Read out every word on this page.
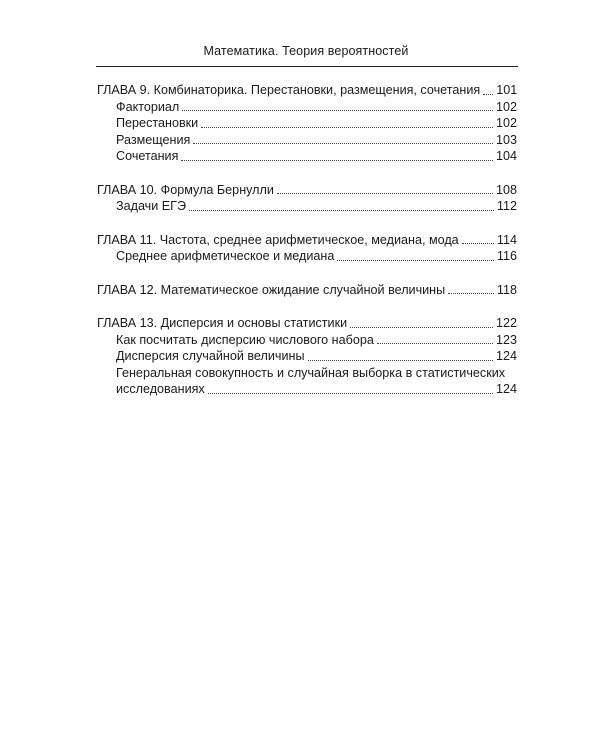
Математика. Теория вероятностей
ГЛАВА 9. Комбинаторика. Перестановки, размещения, сочетания 101
Факториал	102
Перестановки	102
Размещения	103
Сочетания	104
ГЛАВА 10. Формула Бернулли	108
Задачи ЕГЭ	112
ГЛАВА 11. Частота, среднее арифметическое, медиана, мода	114
Среднее арифметическое и медиана	116
ГЛАВА 12. Математическое ожидание случайной величины	118
ГЛАВА 13. Дисперсия и основы статистики	122
Как посчитать дисперсию числового набора	123
Дисперсия случайной величины	124
Генеральная совокупность и случайная выборка в статистических
исследованиях	124
